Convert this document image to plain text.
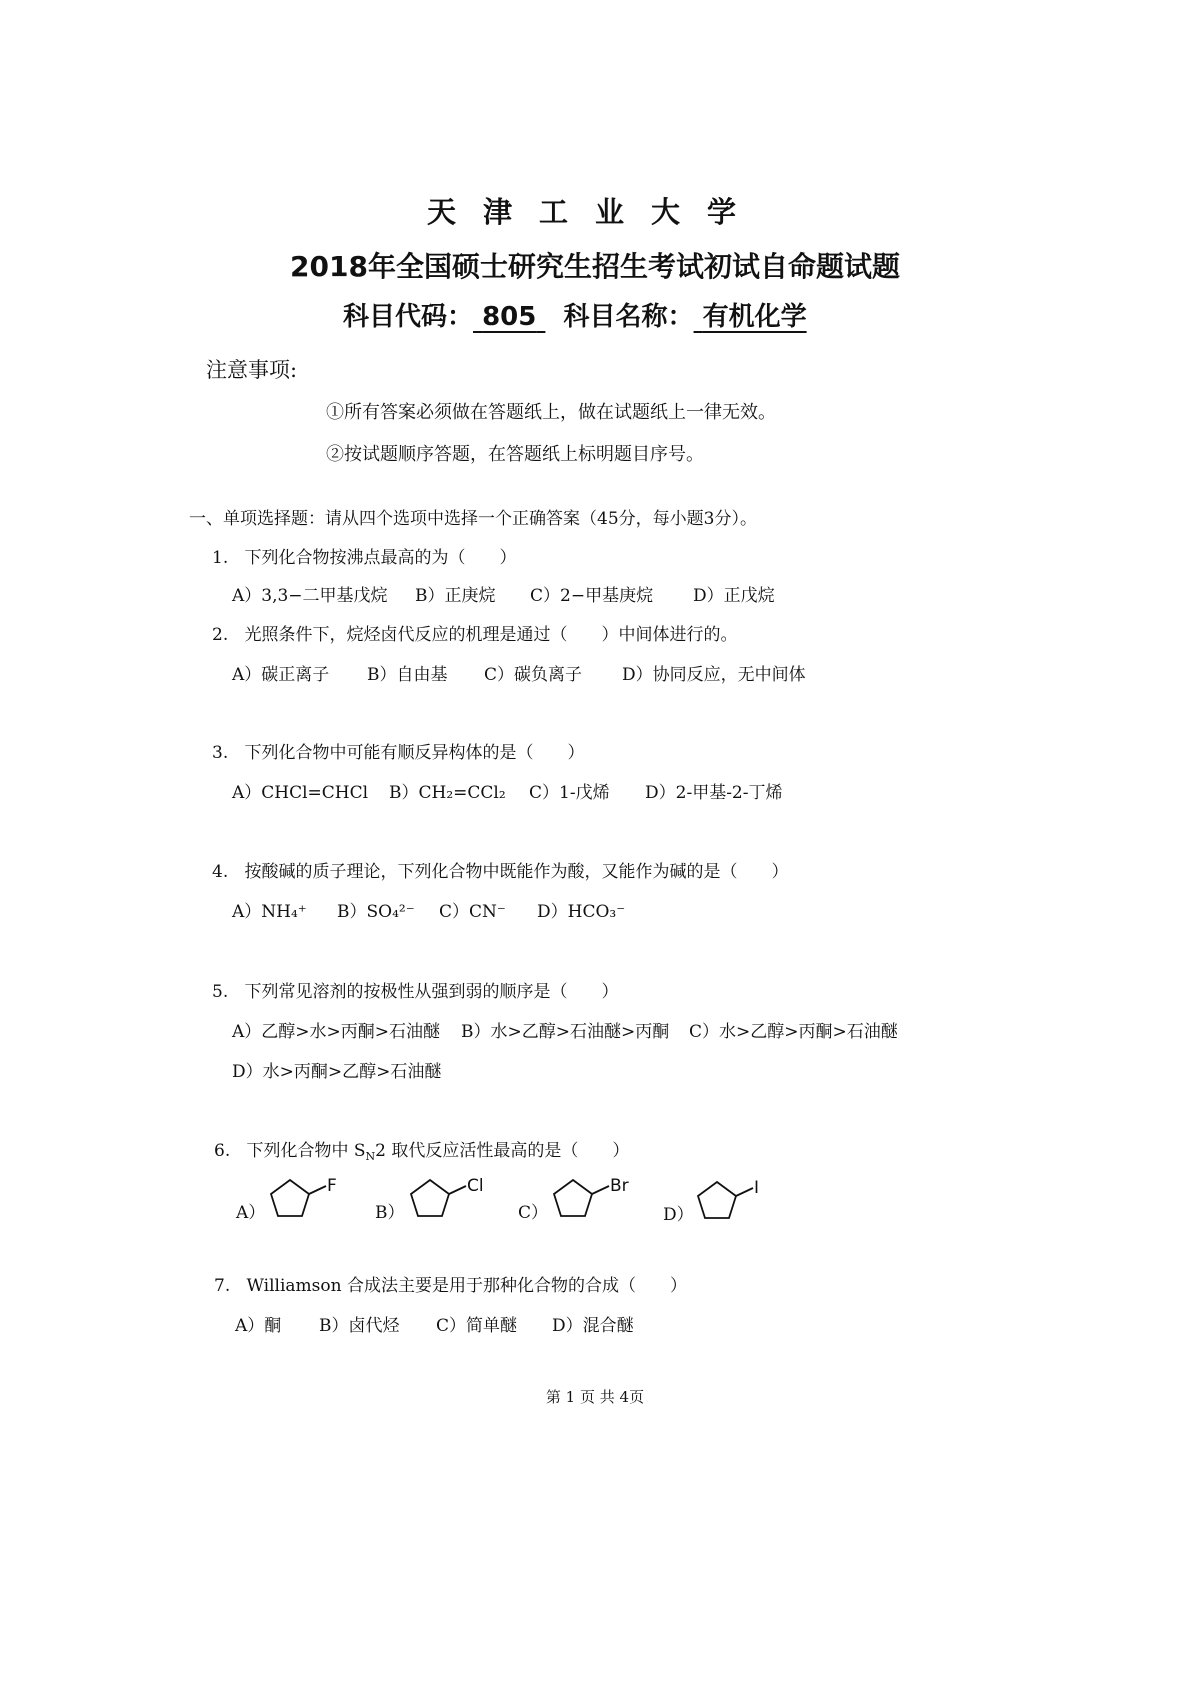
天津工业大学
2018年全国硕士研究生招生考试初试自命题试题
科目代码： 805 科目名称： 有机化学
注意事项:
①所有答案必须做在答题纸上，做在试题纸上一律无效。
②按试题顺序答题，在答题纸上标明题目序号。
一、单项选择题：请从四个选项中选择一个正确答案（45分，每小题3分）。
1. 下列化合物按沸点最高的为（　　）
A）3,3−二甲基戊烷 B）正庚烷 C）2−甲基庚烷 D）正戊烷
2. 光照条件下，烷烃卤代反应的机理是通过（　　）中间体进行的。
A）碳正离子 B）自由基 C）碳负离子 D）协同反应，无中间体
3. 下列化合物中可能有顺反异构体的是（　　）
A）CHCl=CHCl B）CH₂=CCl₂ C）1-戊烯 D）2-甲基-2-丁烯
4. 按酸碱的质子理论，下列化合物中既能作为酸，又能作为碱的是（　　）
A）NH₄⁺ B）SO₄²⁻ C）CN⁻ D）HCO₃⁻
5. 下列常见溶剂的按极性从强到弱的顺序是（　　）
A）乙醇>水>丙酮>石油醚 B）水>乙醇>石油醚>丙酮 C）水>乙醇>丙酮>石油醚
D）水>丙酮>乙醇>石油醚
6. 下列化合物中 $S_N2$ 取代反应活性最高的是（　　）
A）	B）	C）	D）
F	Cl	Br	I
7. Williamson 合成法主要是用于那种化合物的合成（　　）
A）酮 B）卤代烃 C）简单醚 D）混合醚
第 1 页 共 4页
